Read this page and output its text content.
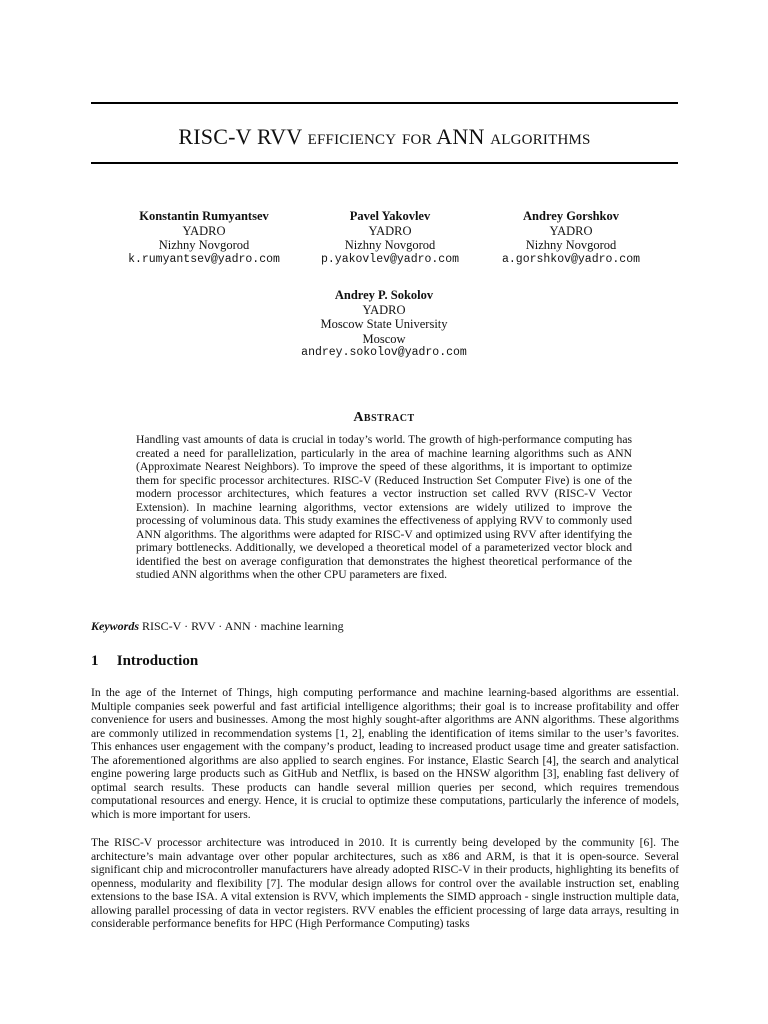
RISC-V RVV efficiency for ANN algorithms
Konstantin Rumyantsev
YADRO
Nizhny Novgorod
k.rumyantsev@yadro.com
Pavel Yakovlev
YADRO
Nizhny Novgorod
p.yakovlev@yadro.com
Andrey Gorshkov
YADRO
Nizhny Novgorod
a.gorshkov@yadro.com
Andrey P. Sokolov
YADRO
Moscow State University
Moscow
andrey.sokolov@yadro.com
Abstract
Handling vast amounts of data is crucial in today’s world. The growth of high-performance computing has created a need for parallelization, particularly in the area of machine learning algorithms such as ANN (Approximate Nearest Neighbors). To improve the speed of these algorithms, it is important to optimize them for specific processor architectures. RISC-V (Reduced Instruction Set Computer Five) is one of the modern processor architectures, which features a vector instruction set called RVV (RISC-V Vector Extension). In machine learning algorithms, vector extensions are widely utilized to improve the processing of voluminous data. This study examines the effectiveness of applying RVV to commonly used ANN algorithms. The algorithms were adapted for RISC-V and optimized using RVV after identifying the primary bottlenecks. Additionally, we developed a theoretical model of a parameterized vector block and identified the best on average configuration that demonstrates the highest theoretical performance of the studied ANN algorithms when the other CPU parameters are fixed.
Keywords RISC-V · RVV · ANN · machine learning
1 Introduction
In the age of the Internet of Things, high computing performance and machine learning-based algorithms are essential. Multiple companies seek powerful and fast artificial intelligence algorithms; their goal is to increase profitability and offer convenience for users and businesses. Among the most highly sought-after algorithms are ANN algorithms. These algorithms are commonly utilized in recommendation systems [1, 2], enabling the identification of items similar to the user’s favorites. This enhances user engagement with the company’s product, leading to increased product usage time and greater satisfaction. The aforementioned algorithms are also applied to search engines. For instance, Elastic Search [4], the search and analytical engine powering large products such as GitHub and Netflix, is based on the HNSW algorithm [3], enabling fast delivery of optimal search results. These products can handle several million queries per second, which requires tremendous computational resources and energy. Hence, it is crucial to optimize these computations, particularly the inference of models, which is more important for users.
The RISC-V processor architecture was introduced in 2010. It is currently being developed by the community [6]. The architecture’s main advantage over other popular architectures, such as x86 and ARM, is that it is open-source. Several significant chip and microcontroller manufacturers have already adopted RISC-V in their products, highlighting its benefits of openness, modularity and flexibility [7]. The modular design allows for control over the available instruction set, enabling extensions to the base ISA. A vital extension is RVV, which implements the SIMD approach - single instruction multiple data, allowing parallel processing of data in vector registers. RVV enables the efficient processing of large data arrays, resulting in considerable performance benefits for HPC (High Performance Computing) tasks
